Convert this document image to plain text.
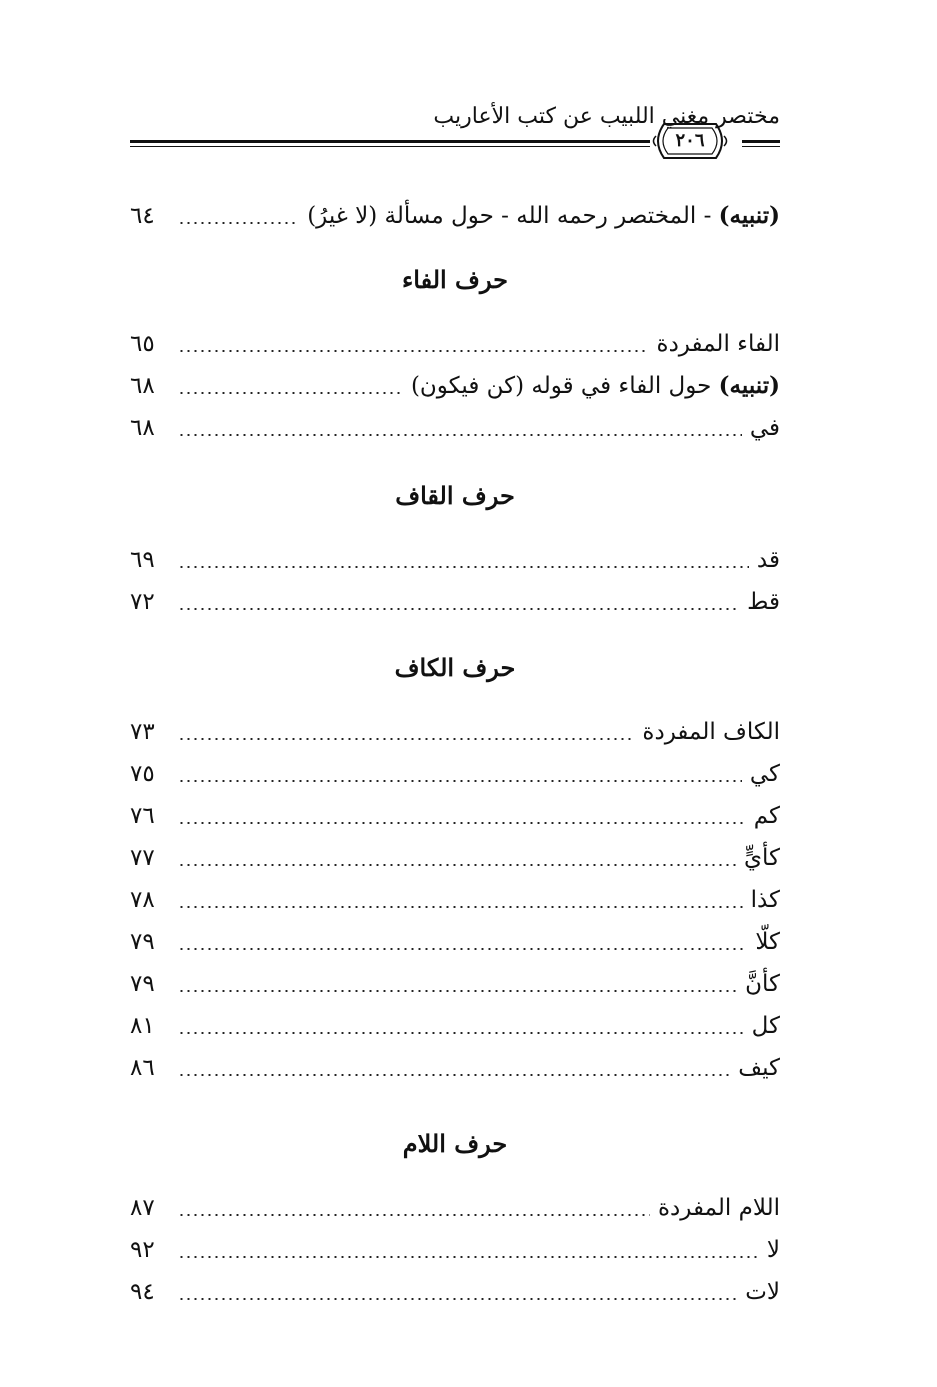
٢٠٦
مختصر مغني اللبيب عن كتب الأعاريب
(تنبيه) - المختصر رحمه الله - حول مسألة (لا غيرُ)
٦٤
حرف الفاء
الفاء المفردة
٦٥
(تنبيه) حول الفاء في قوله (كن فيكون)
٦٨
في
٦٨
حرف القاف
قد
٦٩
قط
٧٢
حرف الكاف
الكاف المفردة
٧٣
كي
٧٥
كم
٧٦
كأيٍّ
٧٧
كذا
٧٨
كلّا
٧٩
كأنَّ
٧٩
كل
٨١
كيف
٨٦
حرف اللام
اللام المفردة
٨٧
لا
٩٢
لات
٩٤
